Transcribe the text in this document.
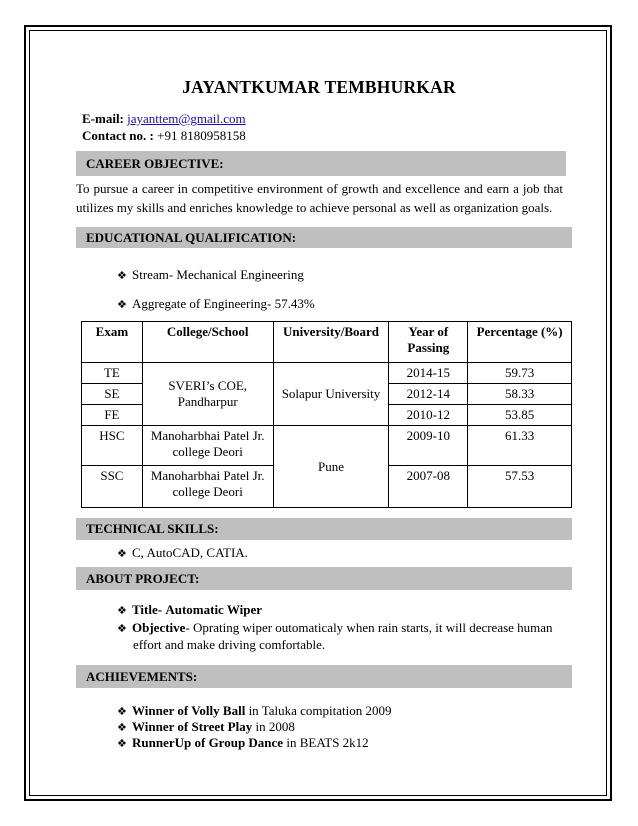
JAYANTKUMAR TEMBHURKAR
E-mail: jayanttem@gmail.com
Contact no. : +91 8180958158
CAREER OBJECTIVE:
To pursue a career in competitive environment of growth and excellence and earn a job that utilizes my skills and enriches knowledge to achieve personal as well as organization goals.
EDUCATIONAL QUALIFICATION:
❖ Stream- Mechanical Engineering
❖ Aggregate of Engineering- 57.43%
Exam	College/School	University/Board	Year of Passing	Percentage (%)
TE	SVERI’s COE, Pandharpur	Solapur University	2014-15	59.73
SE			2012-14	58.33
FE			2010-12	53.85
HSC	Manoharbhai Patel Jr. college Deori	Pune	2009-10	61.33
SSC	Manoharbhai Patel Jr. college Deori		2007-08	57.53
TECHNICAL SKILLS:
❖ C, AutoCAD, CATIA.
ABOUT PROJECT:
❖ Title- Automatic Wiper
❖ Objective- Oprating wiper outomaticaly when rain starts, it will decrease human
effort and make driving comfortable.
ACHIEVEMENTS:
❖ Winner of Volly Ball in Taluka compitation 2009
❖ Winner of Street Play in 2008
❖ RunnerUp of Group Dance in BEATS 2k12
